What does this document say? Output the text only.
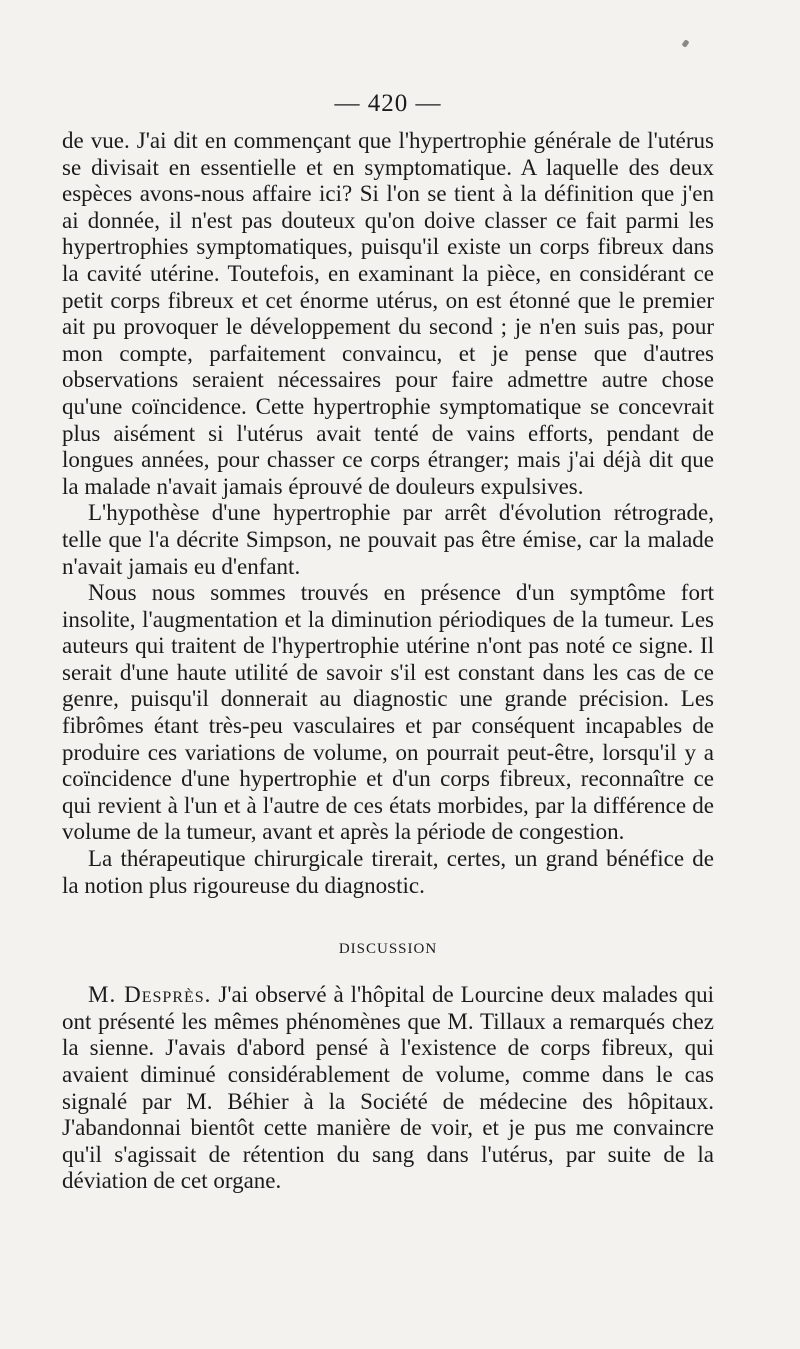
— 420 —

de vue. J'ai dit en commençant que l'hypertrophie générale de l'utérus se divisait en essentielle et en symptomatique. A laquelle des deux espèces avons-nous affaire ici? Si l'on se tient à la définition que j'en ai donnée, il n'est pas douteux qu'on doive classer ce fait parmi les hypertrophies symptomatiques, puisqu'il existe un corps fibreux dans la cavité utérine. Toutefois, en examinant la pièce, en considérant ce petit corps fibreux et cet énorme utérus, on est étonné que le premier ait pu provoquer le développement du second ; je n'en suis pas, pour mon compte, parfaitement convaincu, et je pense que d'autres observations seraient nécessaires pour faire admettre autre chose qu'une coïncidence. Cette hypertrophie symptomatique se concevrait plus aisément si l'utérus avait tenté de vains efforts, pendant de longues années, pour chasser ce corps étranger; mais j'ai déjà dit que la malade n'avait jamais éprouvé de douleurs expulsives.

L'hypothèse d'une hypertrophie par arrêt d'évolution rétrograde, telle que l'a décrite Simpson, ne pouvait pas être émise, car la malade n'avait jamais eu d'enfant.

Nous nous sommes trouvés en présence d'un symptôme fort insolite, l'augmentation et la diminution périodiques de la tumeur. Les auteurs qui traitent de l'hypertrophie utérine n'ont pas noté ce signe. Il serait d'une haute utilité de savoir s'il est constant dans les cas de ce genre, puisqu'il donnerait au diagnostic une grande précision. Les fibrômes étant très-peu vasculaires et par conséquent incapables de produire ces variations de volume, on pourrait peut-être, lorsqu'il y a coïncidence d'une hypertrophie et d'un corps fibreux, reconnaître ce qui revient à l'un et à l'autre de ces états morbides, par la différence de volume de la tumeur, avant et après la période de congestion.

La thérapeutique chirurgicale tirerait, certes, un grand bénéfice de la notion plus rigoureuse du diagnostic.

DISCUSSION

M. Desprès. J'ai observé à l'hôpital de Lourcine deux malades qui ont présenté les mêmes phénomènes que M. Tillaux a remarqués chez la sienne. J'avais d'abord pensé à l'existence de corps fibreux, qui avaient diminué considérablement de volume, comme dans le cas signalé par M. Béhier à la Société de médecine des hôpitaux. J'abandonnai bientôt cette manière de voir, et je pus me convaincre qu'il s'agissait de rétention du sang dans l'utérus, par suite de la déviation de cet organe.
